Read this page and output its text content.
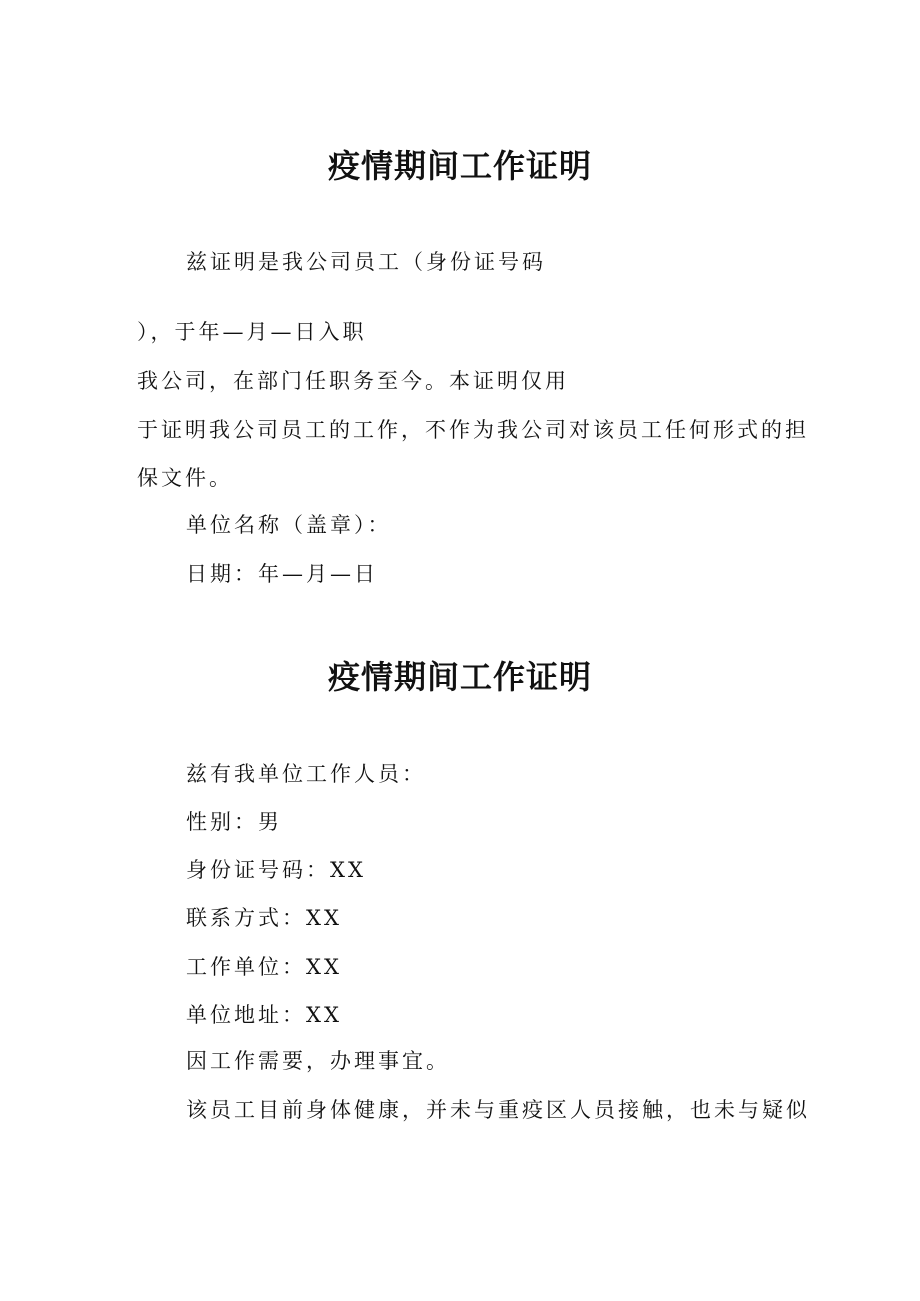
疫情期间工作证明

兹证明是我公司员工（身份证号码

），于年—月—日入职

我公司，在部门任职务至今。本证明仅用

于证明我公司员工的工作，不作为我公司对该员工任何形式的担

保文件。

单位名称（盖章）：

日期：年—月—日

疫情期间工作证明

兹有我单位工作人员：

性别：男

身份证号码：XX

联系方式：XX

工作单位：XX

单位地址：XX

因工作需要，办理事宜。

该员工目前身体健康，并未与重疫区人员接触，也未与疑似
